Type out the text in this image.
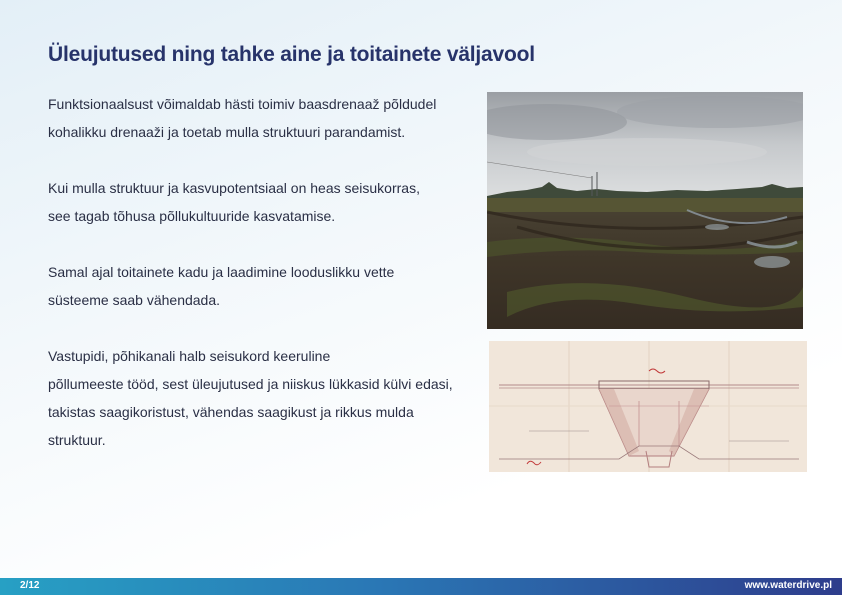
Üleujutused ning tahke aine ja toitainete väljavool
Funktsionaalsust võimaldab hästi toimiv baasdrenaaž põldudel
kohalikku drenaaži ja toetab mulla struktuuri parandamist.
Kui mulla struktuur ja kasvupotentsiaal on heas seisukorras,
see tagab tõhusa põllukultuuride kasvatamise.
Samal ajal toitainete kadu ja laadimine looduslikku vette
süsteeme saab vähendada.
Vastupidi, põhikanali halb seisukord keeruline
põllumeeste tööd, sest üleujutused ja niiskus lükkasid külvi edasi,
takistas saagikoristust, vähendas saagikust ja rikkus mulda
struktuur.
2/12	www.waterdrive.pl
